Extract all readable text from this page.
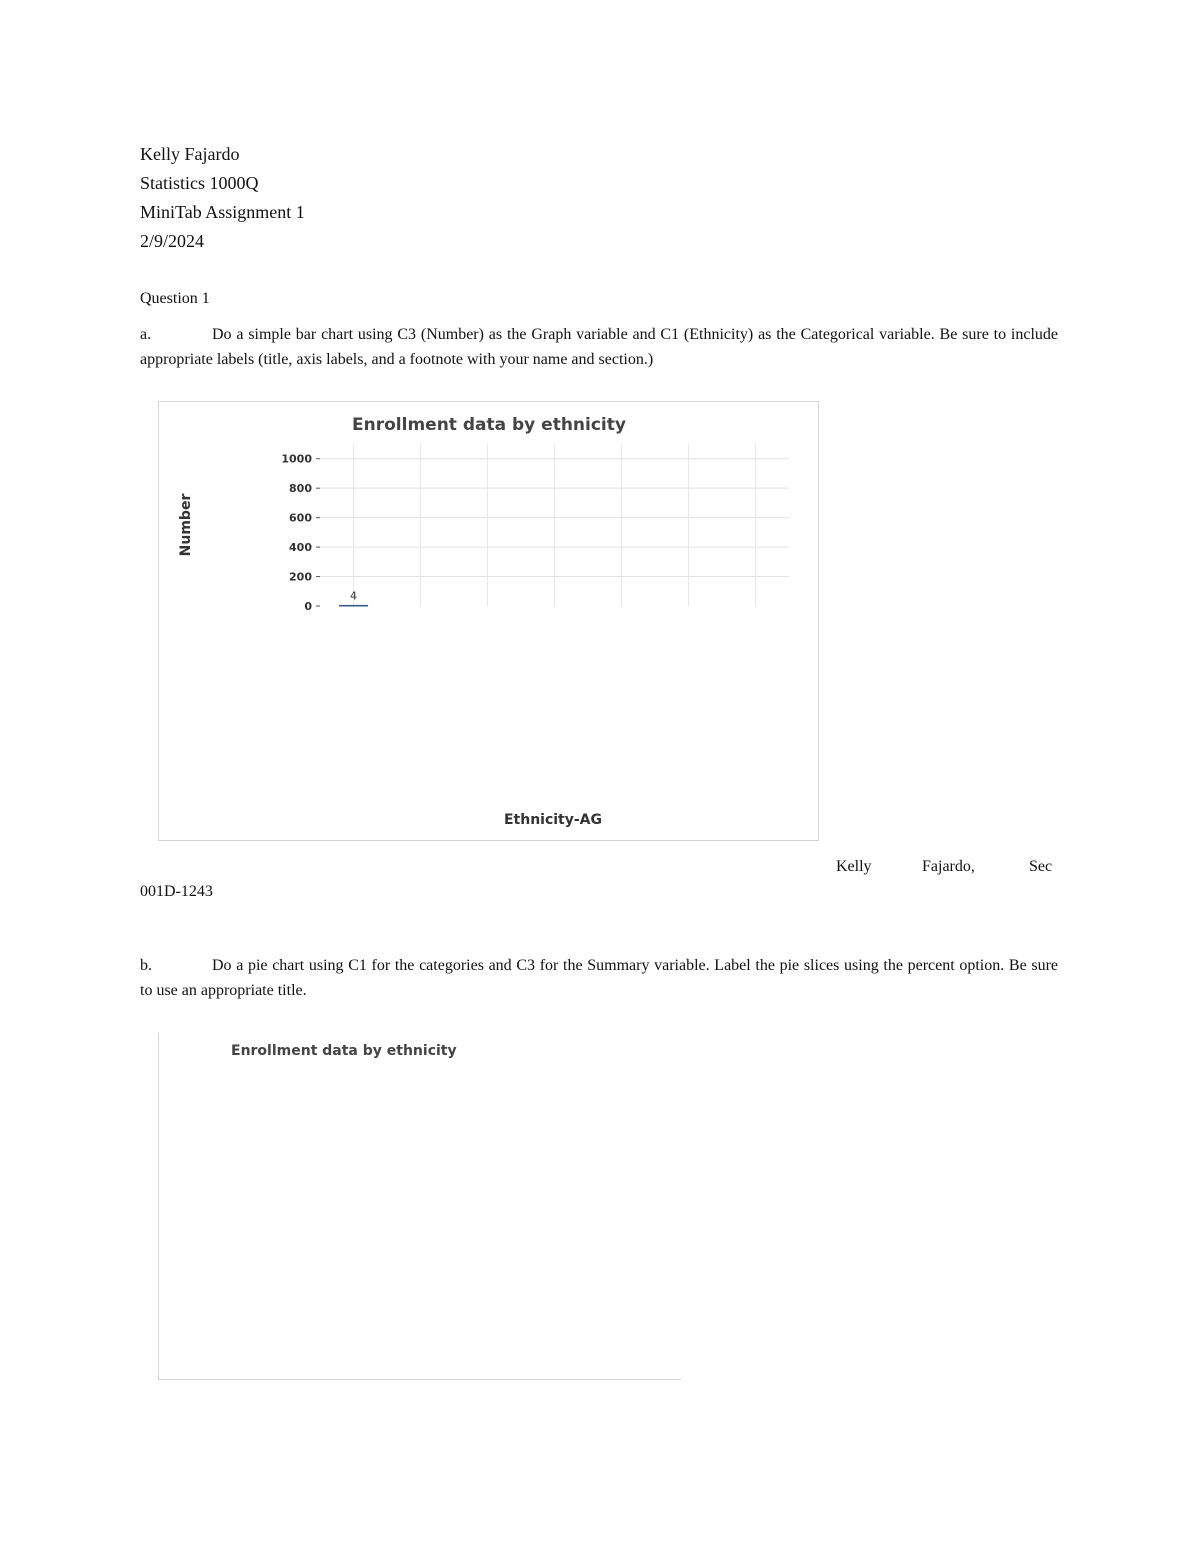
Kelly Fajardo
Statistics 1000Q
MiniTab Assignment 1
2/9/2024
Question 1
a.	Do a simple bar chart using C3 (Number) as the Graph variable and C1 (Ethnicity) as the Categorical variable. Be sure to include appropriate labels (title, axis labels, and a footnote with your name and section.)
Enrollment data by ethnicity
Number
Ethnicity-AG
4
0
200
400
600
800
1000
Kelly	Fajardo,	Sec
001D-1243
b.	Do a pie chart using C1 for the categories and C3 for the Summary variable. Label the pie slices using the percent option. Be sure to use an appropriate title.
Enrollment data by ethnicity
